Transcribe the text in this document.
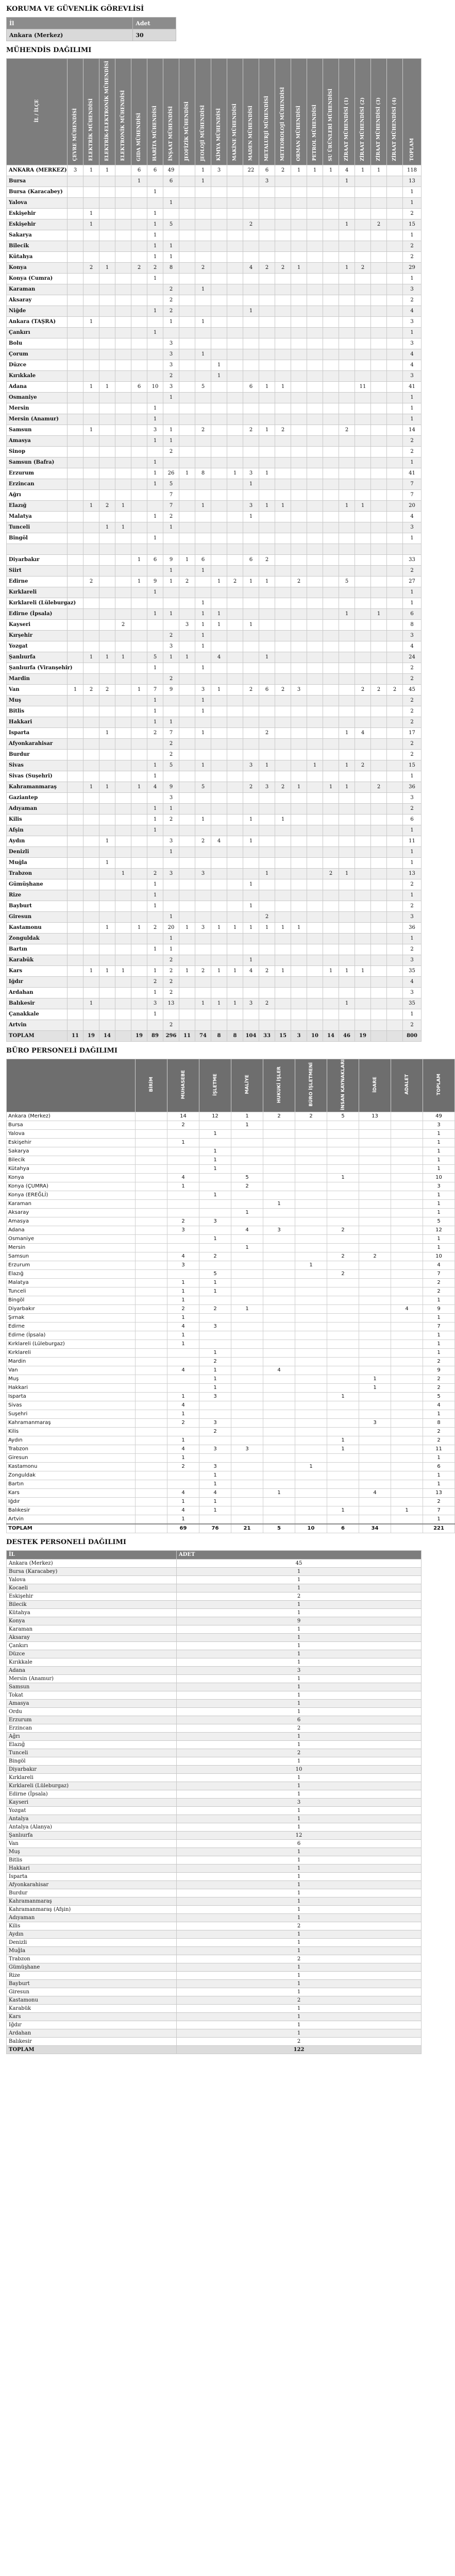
KORUMA VE GÜVENLİK GÖREVLİSİ
İl	Adet
Ankara (Merkez)	30
MÜHENDİS DAĞILIMI
İL / İLÇE	ÇEVRE MÜHENDİSİ	ELEKTRİK MÜHENDİSİ	ELEKTRİK-ELEKTRONİK MÜHENDİSİ	ELEKTRONİK MÜHENDİSİ	GIDA MÜHENDİSİ	HARİTA MÜHENDİSİ	İNŞAAT MÜHENDİSİ	JEOFİZİK MÜHENDİSİ	JEOLOJİ MÜHENDİSİ	KİMYA MÜHENDİSİ	MAKİNE MÜHENDİSİ	MADEN MÜHENDİSİ	METALURJİ MÜHENDİSİ	METEOROLOJİ MÜHENDİSİ	ORMAN MÜHENDİSİ	PETROL MÜHENDİSİ	SU ÜRÜNLERİ MÜHENDİSİ	ZİRAAT MÜHENDİSİ (1)	ZİRAAT MÜHENDİSİ (2)	ZİRAAT MÜHENDİSİ (3)	ZİRAAT MÜHENDİSİ (4)	TOPLAM
ANKARA (MERKEZ)	3	1	1		6	6	49		1	3		22	6	2	1	1	1	4	1	1		118
Bursa					1		6		1				3					1				13
Bursa (Karacabey)						1																1
Yalova							1															1
Eskişehir		1				1																2
Eskişehir		1				1	5					2						1		2		15
Sakarya						1																1
Bilecik						1	1															2
Kütahya						1	1															2
Konya		2	1		2	2	8		2			4	2	2	1			1	2			29
Konya (Cumra)						1																1
Karaman							2		1													3
Aksaray							2															2
Niğde						1	2					1										4
Ankara (TAŞRA)		1					1		1													3
Çankırı						1																1
Bolu							3															3
Çorum							3		1													4
Düzce							3			1												4
Kırıkkale							2			1												3
Adana		1	1		6	10	3		5			6	1	1					11			41
Osmaniye							1															1
Mersin						1																1
Mersin (Anamur)						1																1
Samsun		1				3	1		2			2	1	2				2				14
Amasya						1	1															2
Sinop							2															2
Samsun (Bafra)						1																1
Erzurum						1	26	1	8		1	3	1									41
Erzincan						1	5					1										7
Ağrı							7															7
Elazığ		1	2	1			7		1			3	1	1				1	1			20
Malatya						1	2					1										4
Tunceli			1	1			1															3
Bingöl						1																1

Diyarbakır					1	6	9	1	6			6	2									33
Siirt							1		1													2
Edirne		2			1	9	1	2		1	2	1	1		2			5				27
Kırklareli						1																1
Kırklareli (Lüleburgaz)									1													1
Edirne (İpsala)						1	1		1	1								1		1		6
Kayseri				2				3	1	1		1										8
Kırşehir							2		1													3
Yozgat							3		1													4
Şanlıurfa		1	1	1		5	1	1		4			1									24
Şanlıurfa (Viranşehir)						1			1													2
Mardin							2															2
Van	1	2	2		1	7	9		3	1		2	6	2	3				2	2	2	45
Muş						1			1													2
Bitlis						1			1													2
Hakkari						1	1															2
Isparta			1			2	7		1				2					1	4			17
Afyonkarahisar							2															2
Burdur							2															2
Sivas						1	5		1			3	1			1		1	2			15
Sivas (Suşehri)						1																1
Kahramanmaraş		1	1		1	4	9		5			2	3	2	1		1	1		2		36
Gaziantep							3															3
Adıyaman						1	1															2
Kilis						1	2		1			1		1								6
Afşin						1																1
Aydın			1				3		2	4		1										11
Denizli							1															1
Muğla			1																			1
Trabzon				1		2	3		3				1				2	1				13
Gümüşhane						1						1										2
Rize						1																1
Bayburt						1						1										2
Giresun							1						2									3
Kastamonu			1		1	2	20	1	3	1	1	1	1	1	1							36
Zonguldak							1															1
Bartın						1	1															2
Karabük							2					1										3
Kars		1	1	1		1	2	1	2	1	1	4	2	1			1	1	1			35
Iğdır						2	2															4
Ardahan						1	2															3
Balıkesir		1				3	13		1	1	1	3	2					1				35
Çanakkale						1																1
Artvin							2															2
TOPLAM	11	19	14		19	89	296	11	74	8	8	104	33	15	3	10	14	46	19			800
BÜRO PERSONELİ DAĞILIMI
	BİRİM	MUHASEBE	İŞLETME	MALİYE	HUKUKİ İŞLER	BÜRO İŞLETMENİ	İNSAN KAYNAKLARI	İDARE	ADALET	TOPLAM
Ankara (Merkez)		14	12	1	2	2	5	13		49
Bursa		2		1						3
Yalova			1							1
Eskişehir		1								1
Sakarya			1							1
Bilecik			1							1
Kütahya			1							1
Konya		4		5			1			10
Konya (ÇUMRA)		1		2						3
Konya (EREĞLİ)			1							1
Karaman					1					1
Aksaray				1						1
Amasya		2	3							5
Adana		3		4	3		2			12
Osmaniye			1							1
Mersin				1						1
Samsun		4	2				2	2		10
Erzurum		3				1				4
Elazığ			5				2			7
Malatya		1	1							2
Tunceli		1	1							2
Bingöl		1								1
Diyarbakır		2	2	1					4	9
Şırnak		1								1
Edirne		4	3							7
Edirne (İpsala)		1								1
Kırklareli (Lüleburgaz)		1								1
Kırklareli			1							1
Mardin			2							2
Van		4	1		4					9
Muş			1					1		2
Hakkari			1					1		2
Isparta		1	3				1			5
Sivas		4								4
Suşehri		1								1
Kahramanmaraş		2	3					3		8
Kilis			2							2
Aydın		1					1			2
Trabzon		4	3	3			1			11
Giresun		1								1
Kastamonu		2	3			1				6
Zonguldak			1							1
Bartın			1							1
Kars		4	4		1			4		13
Iğdır		1	1							2
Balıkesir		4	1				1		1	7
Artvin		1								1
TOPLAM		69	76	21	5	10	6	34		221
DESTEK PERSONELİ DAĞILIMI
İL	ADET
Ankara (Merkez)	45
Bursa (Karacabey)	1
Yalova	1
Kocaeli	1
Eskişehir	2
Bilecik	1
Kütahya	1
Konya	9
Karaman	1
Aksaray	1
Çankırı	1
Düzce	1
Kırıkkale	1
Adana	3
Mersin (Anamur)	1
Samsun	1
Tokat	1
Amasya	1
Ordu	1
Erzurum	6
Erzincan	2
Ağrı	1
Elazığ	1
Tunceli	2
Bingöl	1
Diyarbakır	10
Kırklareli	1
Kırklareli (Lüleburgaz)	1
Edirne (İpsala)	1
Kayseri	3
Yozgat	1
Antalya	1
Antalya (Alanya)	1
Şanlıurfa	12
Van	6
Muş	1
Bitlis	1
Hakkari	1
Isparta	1
Afyonkarahisar	1
Burdur	1
Kahramanmaraş	1
Kahramanmaraş (Afşin)	1
Adıyaman	1
Kilis	2
Aydın	1
Denizli	1
Muğla	1
Trabzon	2
Gümüşhane	1
Rize	1
Bayburt	1
Giresun	1
Kastamonu	2
Karabük	1
Kars	1
Iğdır	1
Ardahan	1
Balıkesir	2
TOPLAM	122
